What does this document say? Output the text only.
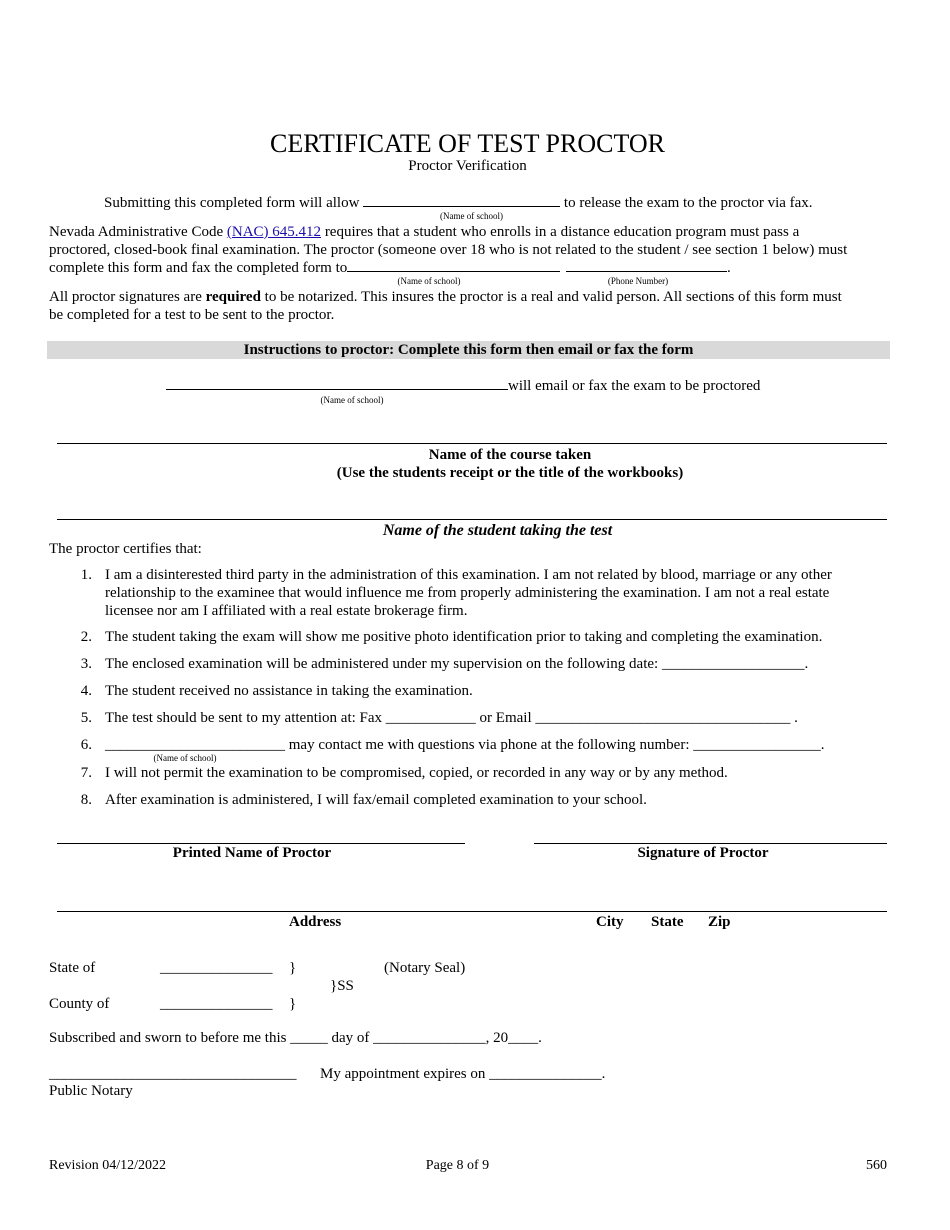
CERTIFICATE OF TEST PROCTOR
Proctor Verification
Submitting this completed form will allow	to release the exam to the proctor via fax.
(Name of school)
Nevada Administrative Code (NAC) 645.412 requires that a student who enrolls in a distance education program must pass a
proctored, closed-book final examination. The proctor (someone over 18 who is not related to the student / see section 1 below) must
complete this form and fax the completed form to	.
(Name of school)	(Phone Number)
All proctor signatures are required to be notarized. This insures the proctor is a real and valid person. All sections of this form must
be completed for a test to be sent to the proctor.
Instructions to proctor: Complete this form then email or fax the form
will email or fax the exam to be proctored
(Name of school)
Name of the course taken
(Use the students receipt or the title of the workbooks)
Name of the student taking the test
The proctor certifies that:
1. I am a disinterested third party in the administration of this examination. I am not related by blood, marriage or any other
relationship to the examinee that would influence me from properly administering the examination. I am not a real estate
licensee nor am I affiliated with a real estate brokerage firm.
2. The student taking the exam will show me positive photo identification prior to taking and completing the examination.
3. The enclosed examination will be administered under my supervision on the following date: ___________________.
4. The student received no assistance in taking the examination.
5. The test should be sent to my attention at: Fax ____________ or Email __________________________________ .
6. ________________________ may contact me with questions via phone at the following number: _________________.
(Name of school)
7. I will not permit the examination to be compromised, copied, or recorded in any way or by any method.
8. After examination is administered, I will fax/email completed examination to your school.
Printed Name of Proctor	Signature of Proctor
Address	City State Zip
State of	_______________ }	(Notary Seal)
}SS
County of	_______________ }
Subscribed and sworn to before me this _____ day of _______________, 20____.
_________________________________ My appointment expires on _______________.
Public Notary
Revision 04/12/2022	Page 8 of 9	560
